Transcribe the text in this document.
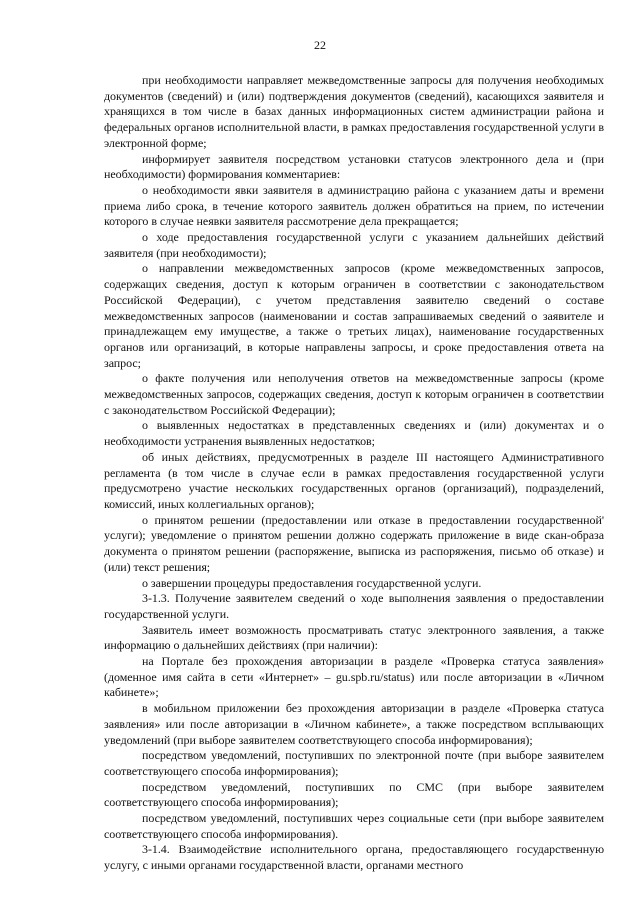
22

при необходимости направляет межведомственные запросы для получения необходимых документов (сведений) и (или) подтверждения документов (сведений), касающихся заявителя и хранящихся в том числе в базах данных информационных систем администрации района и федеральных органов исполнительной власти, в рамках предоставления государственной услуги в электронной форме;

информирует заявителя посредством установки статусов электронного дела и (при необходимости) формирования комментариев:

о необходимости явки заявителя в администрацию района с указанием даты и времени приема либо срока, в течение которого заявитель должен обратиться на прием, по истечении которого в случае неявки заявителя рассмотрение дела прекращается;

о ходе предоставления государственной услуги с указанием дальнейших действий заявителя (при необходимости);

о направлении межведомственных запросов (кроме межведомственных запросов, содержащих сведения, доступ к которым ограничен в соответствии с законодательством Российской Федерации), с учетом представления заявителю сведений о составе межведомственных запросов (наименовании и состав запрашиваемых сведений о заявителе и принадлежащем ему имуществе, а также о третьих лицах), наименование государственных органов или организаций, в которые направлены запросы, и сроке предоставления ответа на запрос;

о факте получения или неполучения ответов на межведомственные запросы (кроме межведомственных запросов, содержащих сведения, доступ к которым ограничен в соответствии с законодательством Российской Федерации);

о выявленных недостатках в представленных сведениях и (или) документах и о необходимости устранения выявленных недостатков;

об иных действиях, предусмотренных в разделе III настоящего Административного регламента (в том числе в случае если в рамках предоставления государственной услуги предусмотрено участие нескольких государственных органов (организаций), подразделений, комиссий, иных коллегиальных органов);

о принятом решении (предоставлении или отказе в предоставлении государственной' услуги); уведомление о принятом решении должно содержать приложение в виде скан-образа документа о принятом решении (распоряжение, выписка из распоряжения, письмо об отказе) и (или) текст решения;

о завершении процедуры предоставления государственной услуги.

3-1.3. Получение заявителем сведений о ходе выполнения заявления о предоставлении государственной услуги.

Заявитель имеет возможность просматривать статус электронного заявления, а также информацию о дальнейших действиях (при наличии):

на Портале без прохождения авторизации в разделе «Проверка статуса заявления» (доменное имя сайта в сети «Интернет» – gu.spb.ru/status) или после авторизации в «Личном кабинете»;

в мобильном приложении без прохождения авторизации в разделе «Проверка статуса заявления» или после авторизации в «Личном кабинете», а также посредством всплывающих уведомлений (при выборе заявителем соответствующего способа информирования);

посредством уведомлений, поступивших по электронной почте (при выборе заявителем соответствующего способа информирования);

посредством уведомлений, поступивших по СМС (при выборе заявителем соответствующего способа информирования);

посредством уведомлений, поступивших через социальные сети (при выборе заявителем соответствующего способа информирования).

3-1.4. Взаимодействие исполнительного органа, предоставляющего государственную услугу, с иными органами государственной власти, органами местного
